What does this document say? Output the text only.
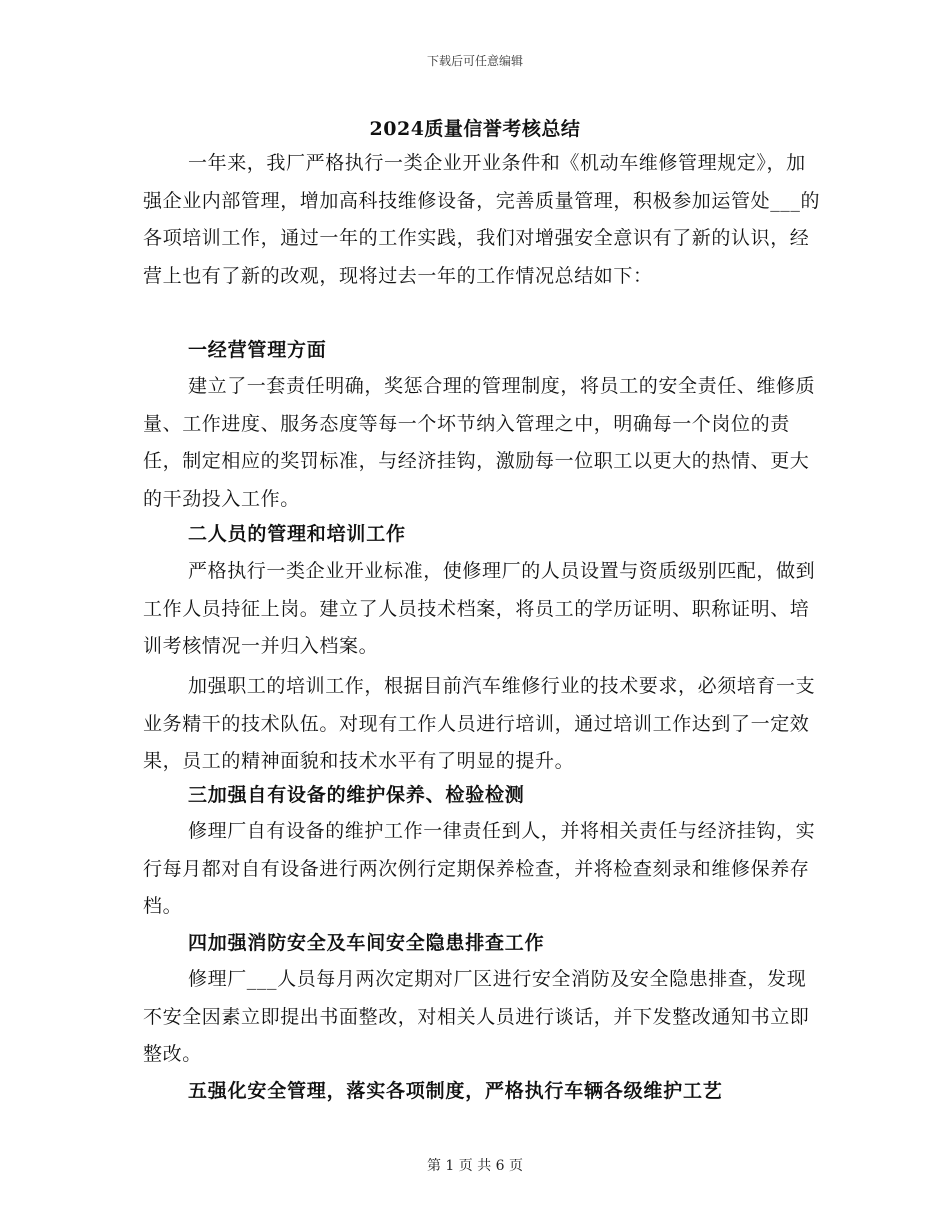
下载后可任意编辑
2024质量信誉考核总结

一年来，我厂严格执行一类企业开业条件和《机动车维修管理规定》，加强企业内部管理，增加高科技维修设备，完善质量管理，积极参加运管处___的各项培训工作，通过一年的工作实践，我们对增强安全意识有了新的认识，经营上也有了新的改观，现将过去一年的工作情况总结如下：

一经营管理方面

建立了一套责任明确，奖惩合理的管理制度，将员工的安全责任、维修质量、工作进度、服务态度等每一个坏节纳入管理之中，明确每一个岗位的责任，制定相应的奖罚标准，与经济挂钩，激励每一位职工以更大的热情、更大的干劲投入工作。

二人员的管理和培训工作

严格执行一类企业开业标准，使修理厂的人员设置与资质级别匹配，做到工作人员持征上岗。建立了人员技术档案，将员工的学历证明、职称证明、培训考核情况一并归入档案。

加强职工的培训工作，根据目前汽车维修行业的技术要求，必须培育一支业务精干的技术队伍。对现有工作人员进行培训，通过培训工作达到了一定效果，员工的精神面貌和技术水平有了明显的提升。

三加强自有设备的维护保养、检验检测

修理厂自有设备的维护工作一律责任到人，并将相关责任与经济挂钩，实行每月都对自有设备进行两次例行定期保养检查，并将检查刻录和维修保养存档。

四加强消防安全及车间安全隐患排查工作

修理厂___人员每月两次定期对厂区进行安全消防及安全隐患排查，发现不安全因素立即提出书面整改，对相关人员进行谈话，并下发整改通知书立即整改。

五强化安全管理，落实各项制度，严格执行车辆各级维护工艺

第 1 页 共 6 页
